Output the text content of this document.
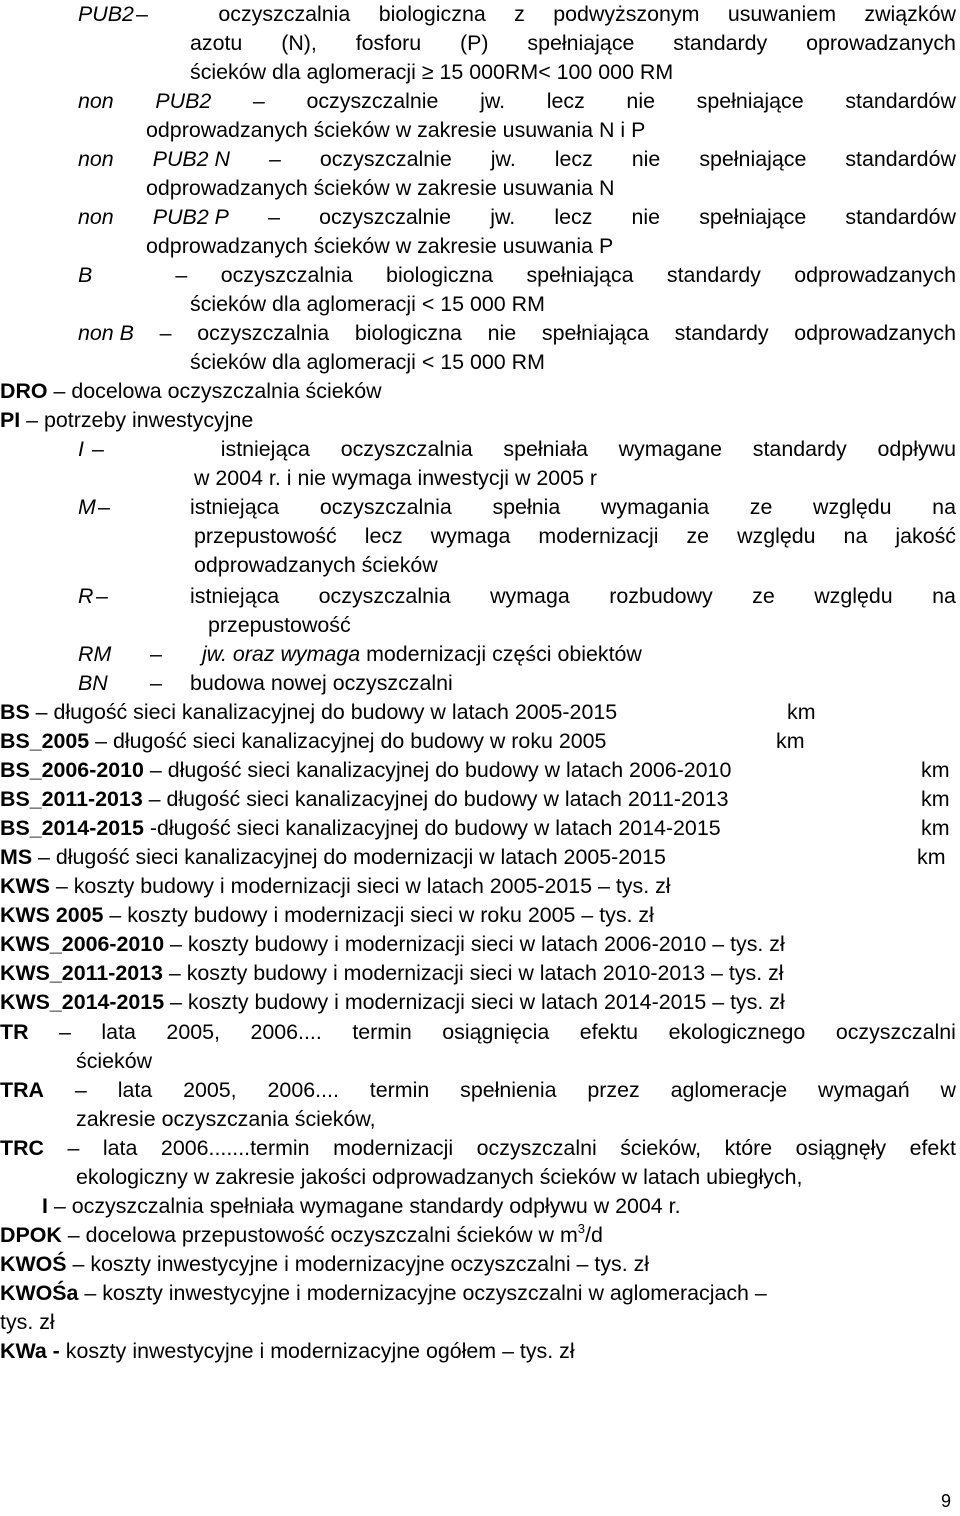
PUB2	oczyszczalnia biologiczna z podwyższonym usuwaniem związków
–
azotu (N), fosforu (P) spełniające standardy oprowadzanych
ścieków dla aglomeracji ≥ 15 000RM< 100 000 RM
non PUB2 – oczyszczalnie jw. lecz nie spełniające standardów
odprowadzanych ścieków w zakresie usuwania N i P
non PUB2 N – oczyszczalnie jw. lecz nie spełniające standardów
odprowadzanych ścieków w zakresie usuwania N
non PUB2 P – oczyszczalnie jw. lecz nie spełniające standardów
odprowadzanych ścieków w zakresie usuwania P
B	– oczyszczalnia biologiczna spełniająca standardy odprowadzanych
ścieków dla aglomeracji < 15 000 RM
non B – oczyszczalnia biologiczna nie spełniająca standardy odprowadzanych
ścieków dla aglomeracji < 15 000 RM
DRO – docelowa oczyszczalnia ścieków
PI – potrzeby inwestycyjne
istniejąca oczyszczalnia spełniała wymagane standardy odpływu
I –
w 2004 r. i nie wymaga inwestycji w 2005 r
istniejąca oczyszczalnia spełnia wymagania ze względu na
M –
przepustowość lecz wymaga modernizacji ze względu na jakość
odprowadzanych ścieków
istniejąca oczyszczalnia wymaga rozbudowy ze względu na
R –
przepustowość
RM – jw. oraz wymaga modernizacji części obiektów
BN – budowa nowej oczyszczalni
BS – długość sieci kanalizacyjnej do budowy w latach 2005-2015	km
BS_2005 – długość sieci kanalizacyjnej do budowy w roku 2005	km
BS_2006-2010 – długość sieci kanalizacyjnej do budowy w latach 2006-2010	km
BS_2011-2013 – długość sieci kanalizacyjnej do budowy w latach 2011-2013	km
BS_2014-2015 -długość sieci kanalizacyjnej do budowy w latach 2014-2015	km
MS – długość sieci kanalizacyjnej do modernizacji w latach 2005-2015	km
KWS – koszty budowy i modernizacji sieci w latach 2005-2015 – tys. zł
KWS 2005 – koszty budowy i modernizacji sieci w roku 2005 – tys. zł
KWS_2006-2010 – koszty budowy i modernizacji sieci w latach 2006-2010 – tys. zł
KWS_2011-2013 – koszty budowy i modernizacji sieci w latach 2010-2013 – tys. zł
KWS_2014-2015 – koszty budowy i modernizacji sieci w latach 2014-2015 – tys. zł
TR – lata 2005, 2006.... termin osiągnięcia efektu ekologicznego oczyszczalni
ścieków
TRA – lata 2005, 2006.... termin spełnienia przez aglomeracje wymagań w
zakresie oczyszczania ścieków,
TRC – lata 2006.......termin modernizacji oczyszczalni ścieków, które osiągnęły efekt
ekologiczny w zakresie jakości odprowadzanych ścieków w latach ubiegłych,
I – oczyszczalnia spełniała wymagane standardy odpływu w 2004 r.
DPOK – docelowa przepustowość oczyszczalni ścieków w $m^3/d$
KWOŚ – koszty inwestycyjne i modernizacyjne oczyszczalni – tys. zł
KWOŚa – koszty inwestycyjne i modernizacyjne oczyszczalni w aglomeracjach –
tys. zł
KWa - koszty inwestycyjne i modernizacyjne ogółem – tys. zł
9
